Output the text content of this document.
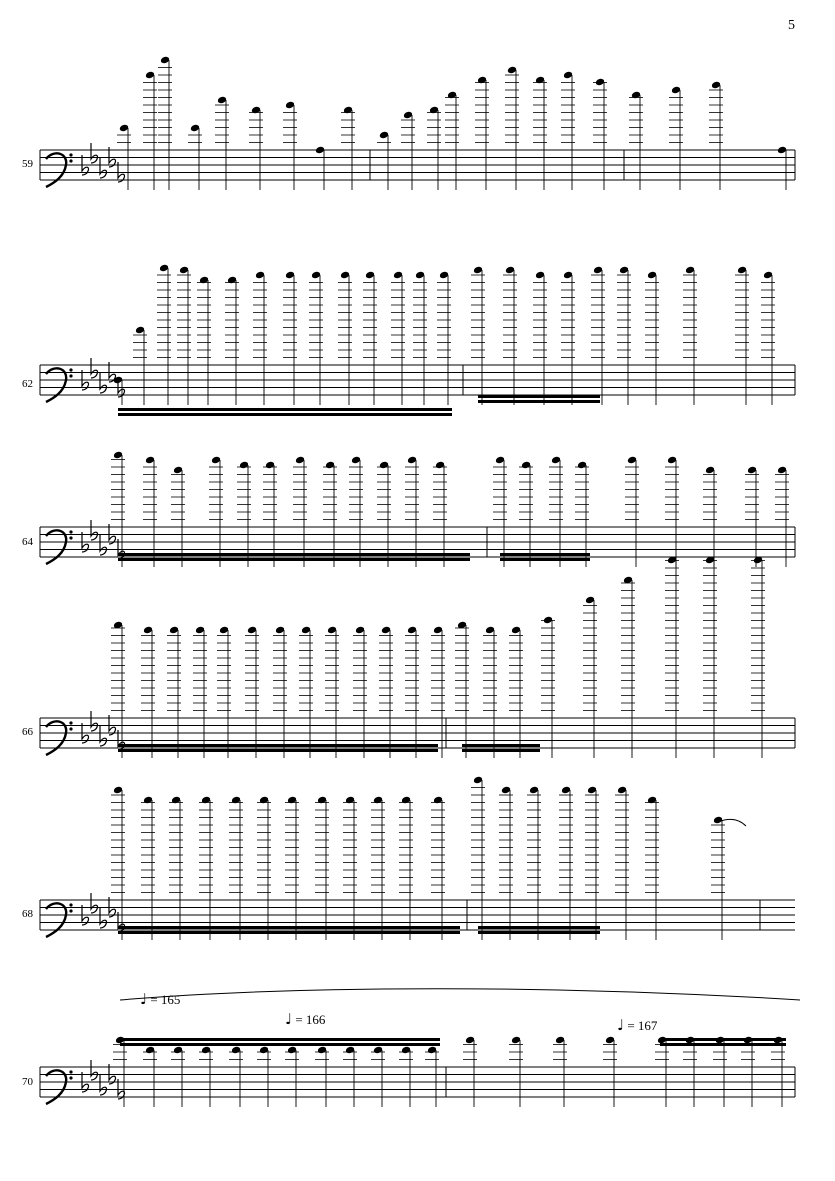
5
59
62
64
66
68
70
♩ = 165
♩ = 166	♩ = 167
